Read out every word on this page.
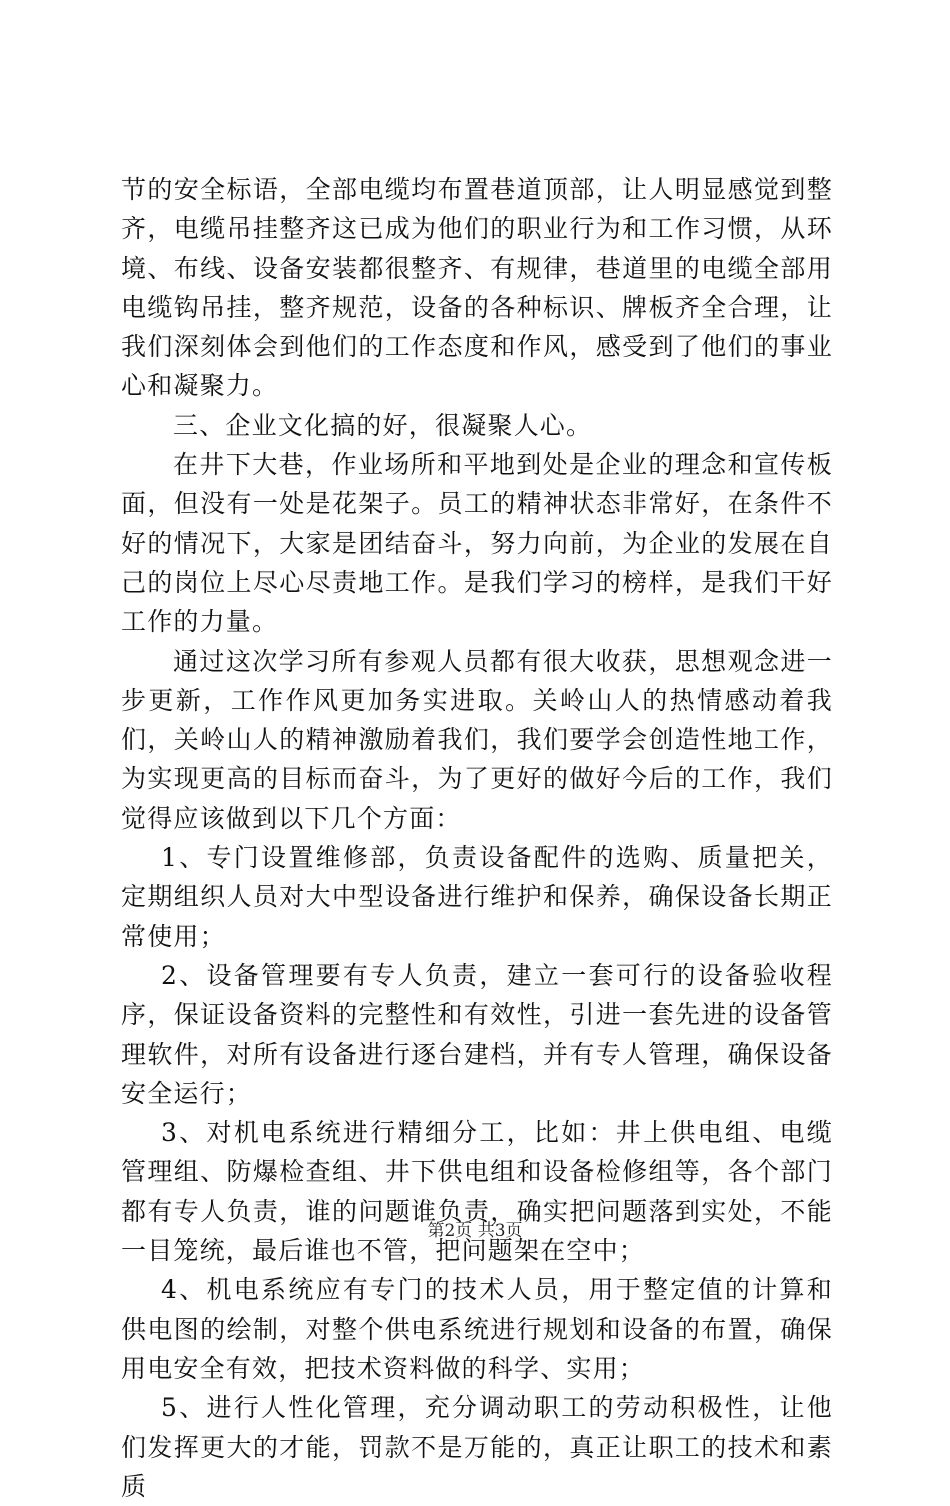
节的安全标语，全部电缆均布置巷道顶部，让人明显感觉到整齐，电缆吊挂整齐这已成为他们的职业行为和工作习惯，从环境、布线、设备安装都很整齐、有规律，巷道里的电缆全部用电缆钩吊挂，整齐规范，设备的各种标识、牌板齐全合理，让我们深刻体会到他们的工作态度和作风，感受到了他们的事业心和凝聚力。

三、企业文化搞的好，很凝聚人心。

在井下大巷，作业场所和平地到处是企业的理念和宣传板面，但没有一处是花架子。员工的精神状态非常好，在条件不好的情况下，大家是团结奋斗，努力向前，为企业的发展在自己的岗位上尽心尽责地工作。是我们学习的榜样，是我们干好工作的力量。

通过这次学习所有参观人员都有很大收获，思想观念进一步更新，工作作风更加务实进取。关岭山人的热情感动着我们，关岭山人的精神激励着我们，我们要学会创造性地工作，为实现更高的目标而奋斗，为了更好的做好今后的工作，我们觉得应该做到以下几个方面：

1、专门设置维修部，负责设备配件的选购、质量把关，定期组织人员对大中型设备进行维护和保养，确保设备长期正常使用；

2、设备管理要有专人负责，建立一套可行的设备验收程序，保证设备资料的完整性和有效性，引进一套先进的设备管理软件，对所有设备进行逐台建档，并有专人管理，确保设备安全运行；

3、对机电系统进行精细分工，比如：井上供电组、电缆管理组、防爆检查组、井下供电组和设备检修组等，各个部门都有专人负责，谁的问题谁负责，确实把问题落到实处，不能一目笼统，最后谁也不管，把问题架在空中；

4、机电系统应有专门的技术人员，用于整定值的计算和供电图的绘制，对整个供电系统进行规划和设备的布置，确保用电安全有效，把技术资料做的科学、实用；

5、进行人性化管理，充分调动职工的劳动积极性，让他们发挥更大的才能，罚款不是万能的，真正让职工的技术和素质

第2页 共3页
